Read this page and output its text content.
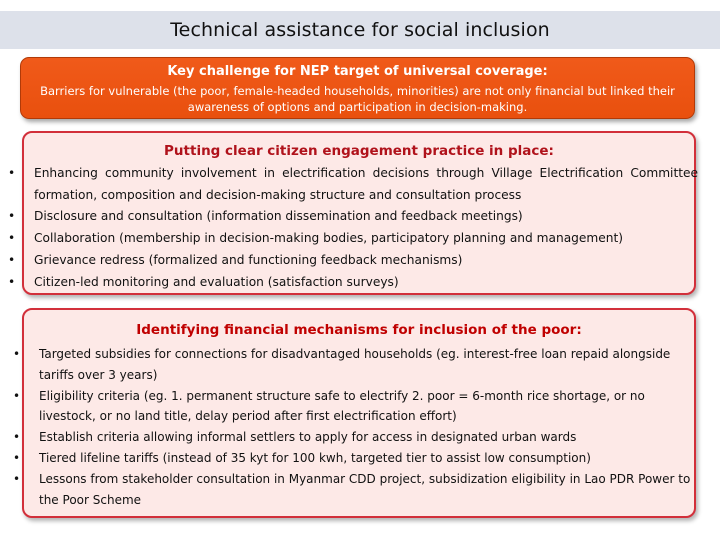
Technical assistance for social inclusion
Key challenge for NEP target of universal coverage:
Barriers for vulnerable (the poor, female-headed households, minorities) are not only financial but linked their awareness of options and participation in decision-making.
Putting clear citizen engagement practice in place:
• Enhancing community involvement in electrification decisions through Village Electrification Committee formation, composition and decision-making structure and consultation process
• Disclosure and consultation (information dissemination and feedback meetings)
• Collaboration (membership in decision-making bodies, participatory planning and management)
• Grievance redress (formalized and functioning feedback mechanisms)
• Citizen-led monitoring and evaluation (satisfaction surveys)
Identifying financial mechanisms for inclusion of the poor:
• Targeted subsidies for connections for disadvantaged households (eg. interest-free loan repaid alongside tariffs over 3 years)
• Eligibility criteria (eg. 1. permanent structure safe to electrify 2. poor = 6-month rice shortage, or no livestock, or no land title, delay period after first electrification effort)
• Establish criteria allowing informal settlers to apply for access in designated urban wards
• Tiered lifeline tariffs (instead of 35 kyt for 100 kwh, targeted tier to assist low consumption)
• Lessons from stakeholder consultation in Myanmar CDD project, subsidization eligibility in Lao PDR Power to the Poor Scheme
